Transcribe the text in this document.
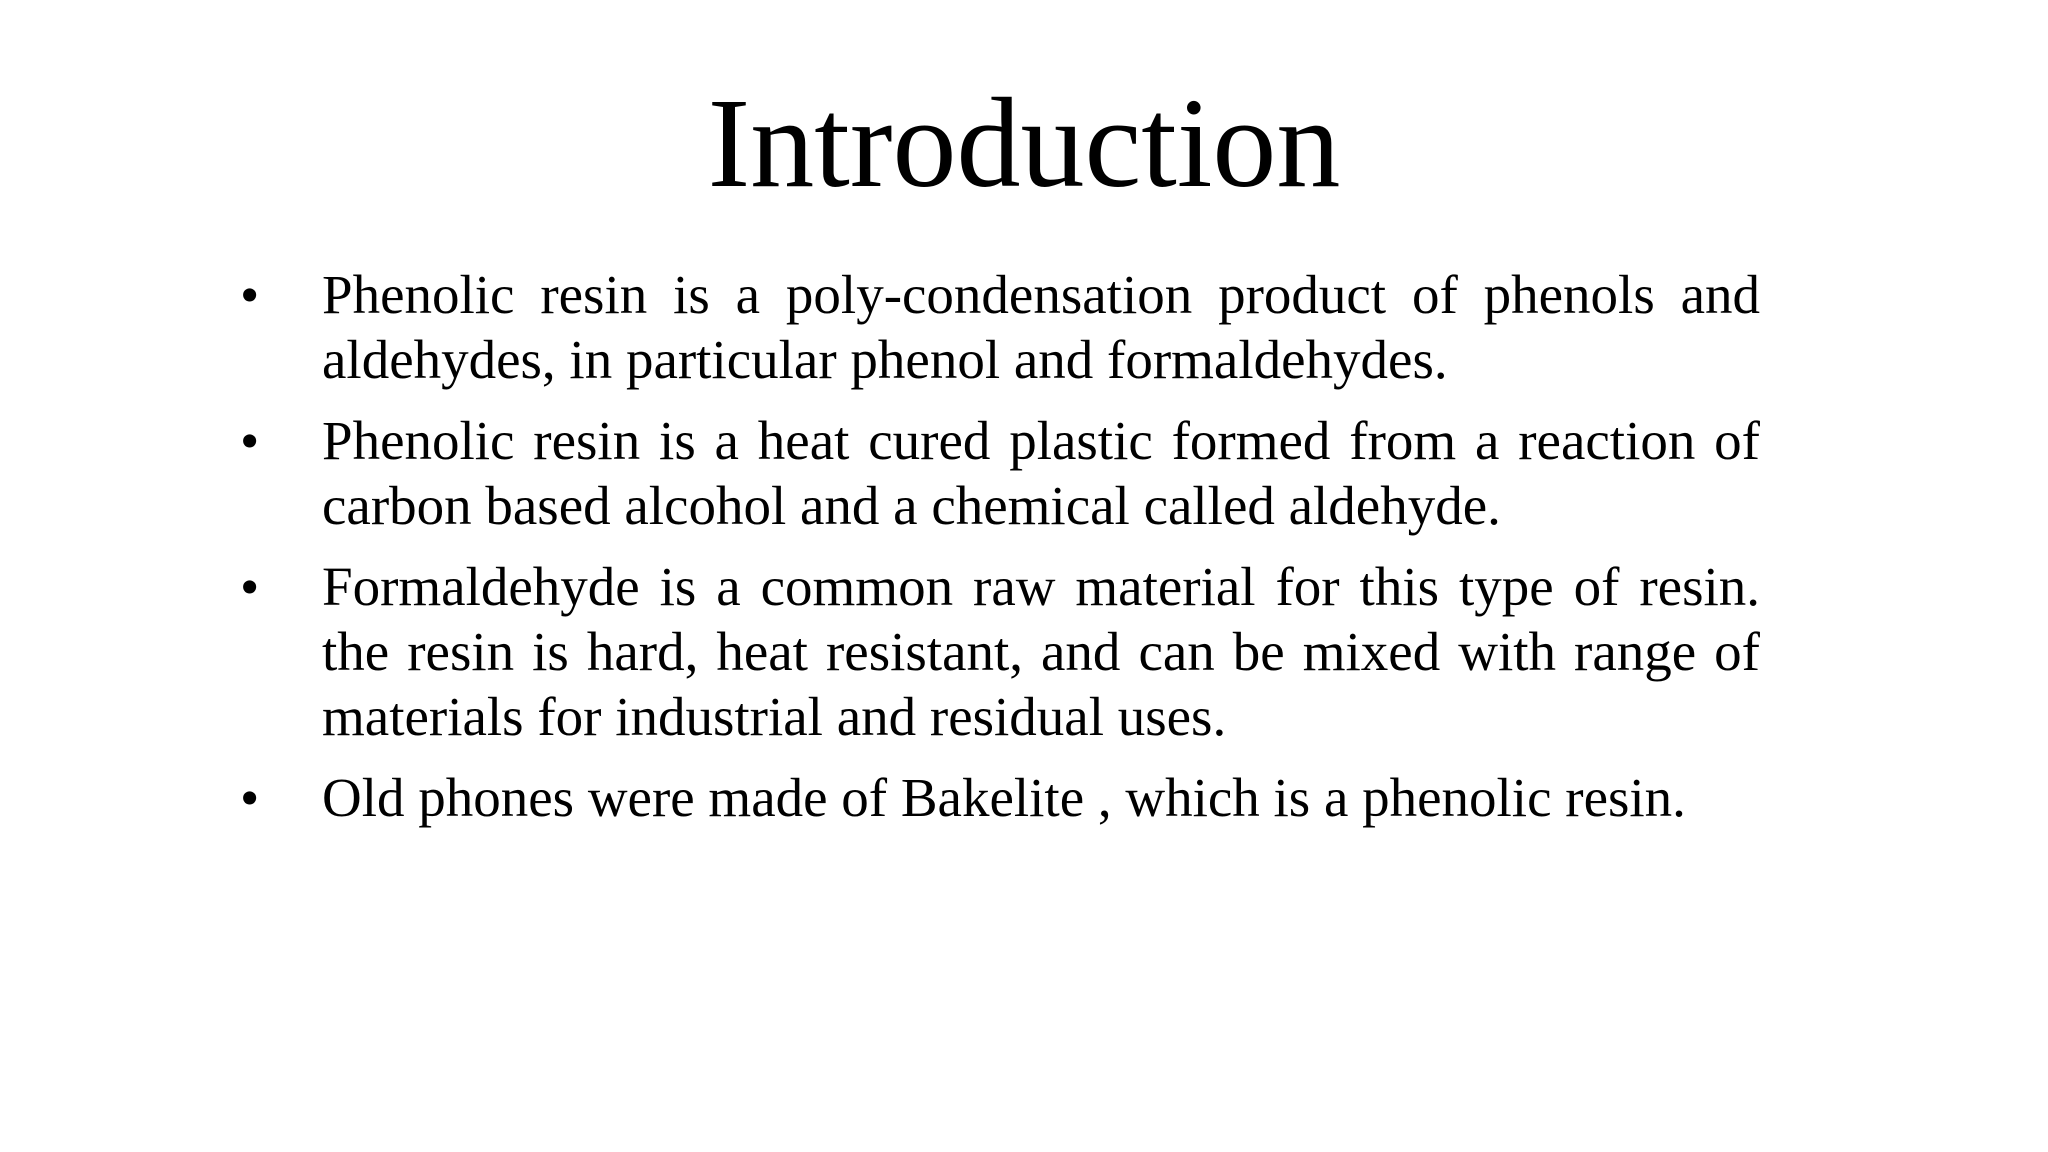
Introduction
•	Phenolic resin is a poly-condensation product of phenols and aldehydes, in particular phenol and formaldehydes.
•	Phenolic resin is a heat cured plastic formed from a reaction of carbon based alcohol and a chemical called aldehyde.
•	Formaldehyde is a common raw material for this type of resin. the resin is hard, heat resistant, and can be mixed with range of materials for industrial and residual uses.
•	Old phones were made of Bakelite , which is a phenolic resin.
